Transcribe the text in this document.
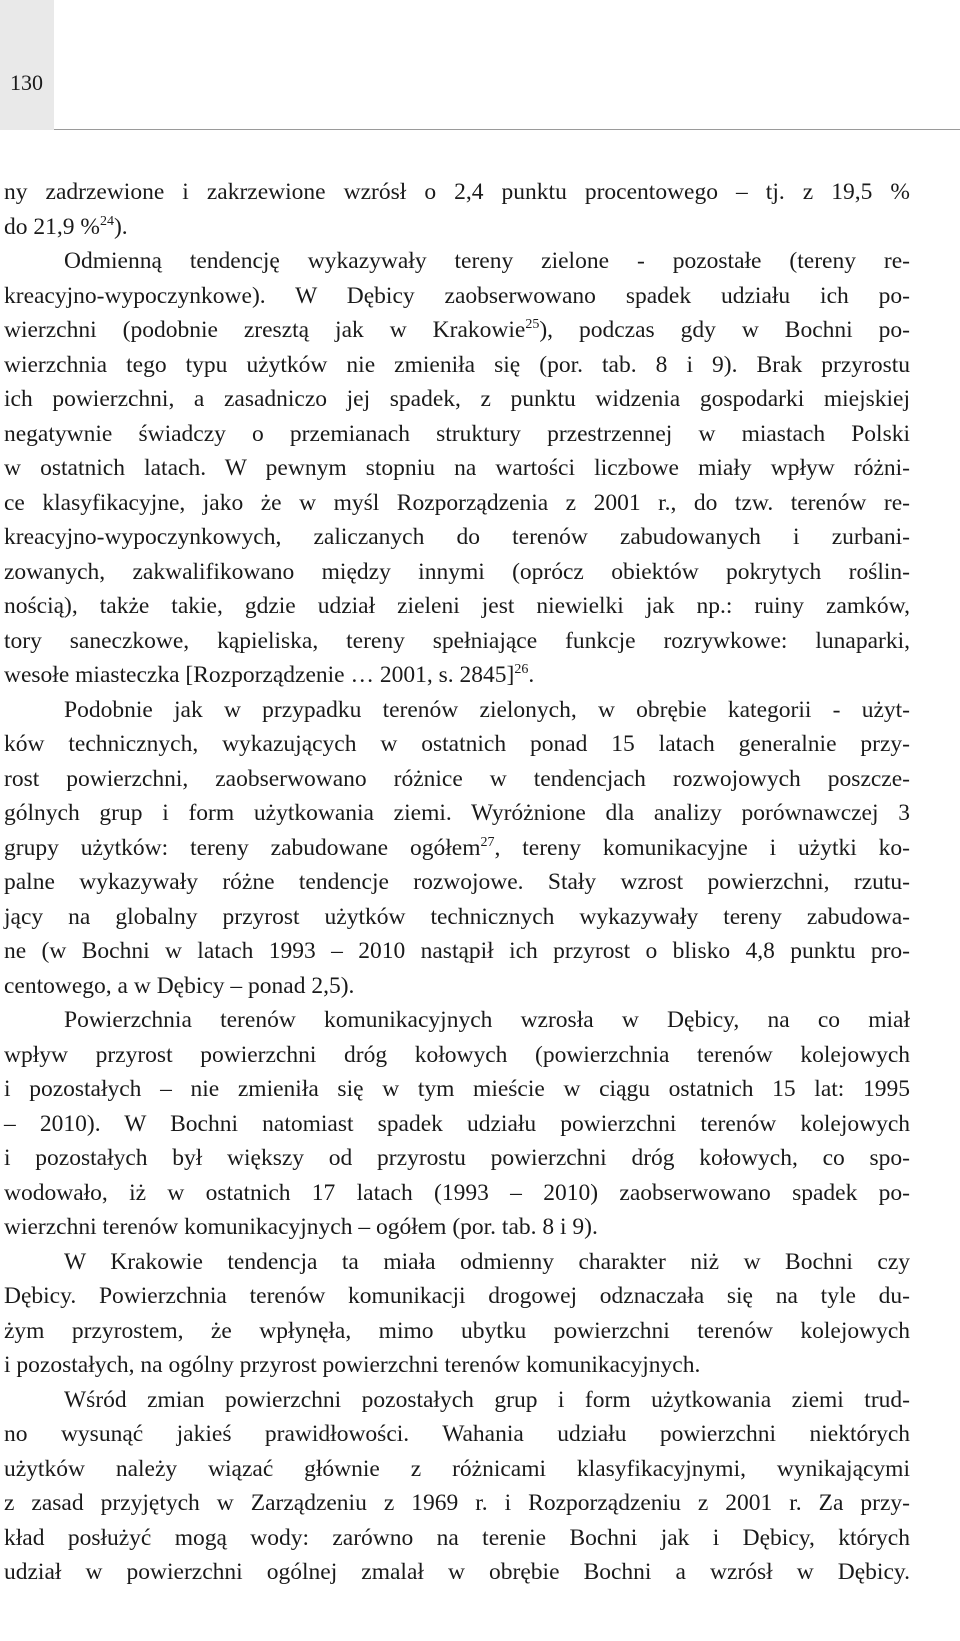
130
ny zadrzewione i zakrzewione wzrósł o 2,4 punktu procentowego – tj. z 19,5 %
do 21,9 %$^{24}$).
Odmienną tendencję wykazywały tereny zielone - pozostałe (tereny re-
kreacyjno-wypoczynkowe). W Dębicy zaobserwowano spadek udziału ich po-
wierzchni (podobnie zresztą jak w Krakowie$^{25}$), podczas gdy w Bochni po-
wierzchnia tego typu użytków nie zmieniła się (por. tab. 8 i 9). Brak przyrostu
ich powierzchni, a zasadniczo jej spadek, z punktu widzenia gospodarki miejskiej
negatywnie świadczy o przemianach struktury przestrzennej w miastach Polski
w ostatnich latach. W pewnym stopniu na wartości liczbowe miały wpływ różni-
ce klasyfikacyjne, jako że w myśl Rozporządzenia z 2001 r., do tzw. terenów re-
kreacyjno-wypoczynkowych, zaliczanych do terenów zabudowanych i zurbani-
zowanych, zakwalifikowano między innymi (oprócz obiektów pokrytych roślin-
nością), także takie, gdzie udział zieleni jest niewielki jak np.: ruiny zamków,
tory saneczkowe, kąpieliska, tereny spełniające funkcje rozrywkowe: lunaparki,
wesołe miasteczka [Rozporządzenie … 2001, s. 2845]$^{26}$.
Podobnie jak w przypadku terenów zielonych, w obrębie kategorii - użyt-
ków technicznych, wykazujących w ostatnich ponad 15 latach generalnie przy-
rost powierzchni, zaobserwowano różnice w tendencjach rozwojowych poszcze-
gólnych grup i form użytkowania ziemi. Wyróżnione dla analizy porównawczej 3
grupy użytków: tereny zabudowane ogółem$^{27}$, tereny komunikacyjne i użytki ko-
palne wykazywały różne tendencje rozwojowe. Stały wzrost powierzchni, rzutu-
jący na globalny przyrost użytków technicznych wykazywały tereny zabudowa-
ne (w Bochni w latach 1993 – 2010 nastąpił ich przyrost o blisko 4,8 punktu pro-
centowego, a w Dębicy – ponad 2,5).
Powierzchnia terenów komunikacyjnych wzrosła w Dębicy, na co miał
wpływ przyrost powierzchni dróg kołowych (powierzchnia terenów kolejowych
i pozostałych – nie zmieniła się w tym mieście w ciągu ostatnich 15 lat: 1995
– 2010). W Bochni natomiast spadek udziału powierzchni terenów kolejowych
i pozostałych był większy od przyrostu powierzchni dróg kołowych, co spo-
wodowało, iż w ostatnich 17 latach (1993 – 2010) zaobserwowano spadek po-
wierzchni terenów komunikacyjnych – ogółem (por. tab. 8 i 9).
W Krakowie tendencja ta miała odmienny charakter niż w Bochni czy
Dębicy. Powierzchnia terenów komunikacji drogowej odznaczała się na tyle du-
żym przyrostem, że wpłynęła, mimo ubytku powierzchni terenów kolejowych
i pozostałych, na ogólny przyrost powierzchni terenów komunikacyjnych.
Wśród zmian powierzchni pozostałych grup i form użytkowania ziemi trud-
no wysunąć jakieś prawidłowości. Wahania udziału powierzchni niektórych
użytków należy wiązać głównie z różnicami klasyfikacyjnymi, wynikającymi
z zasad przyjętych w Zarządzeniu z 1969 r. i Rozporządzeniu z 2001 r. Za przy-
kład posłużyć mogą wody: zarówno na terenie Bochni jak i Dębicy, których
udział w powierzchni ogólnej zmalał w obrębie Bochni a wzrósł w Dębicy.
